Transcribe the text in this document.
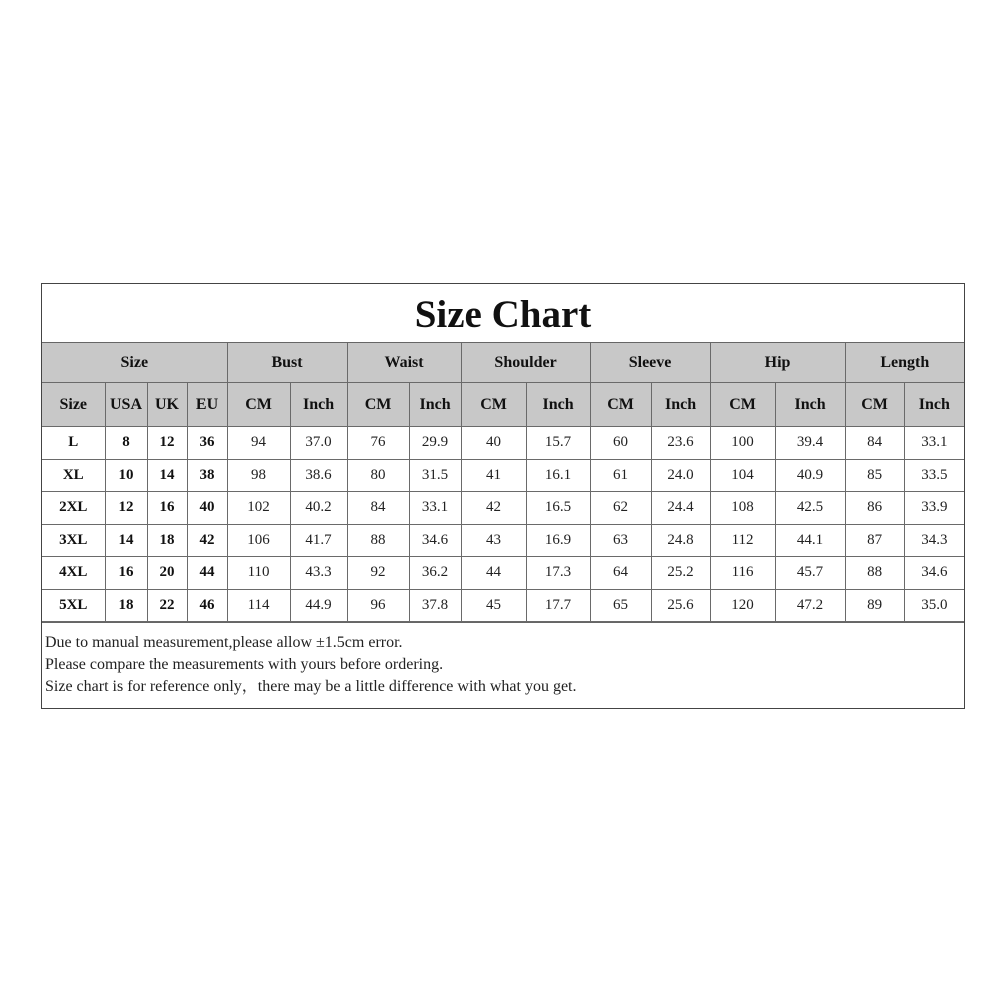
Size Chart
Size				Bust		Waist		Shoulder		Sleeve		Hip		Length	
Size	USA	UK	EU	CM	Inch	CM	Inch	CM	Inch	CM	Inch	CM	Inch	CM	Inch
L	8	12	36	94	37.0	76	29.9	40	15.7	60	23.6	100	39.4	84	33.1
XL	10	14	38	98	38.6	80	31.5	41	16.1	61	24.0	104	40.9	85	33.5
2XL	12	16	40	102	40.2	84	33.1	42	16.5	62	24.4	108	42.5	86	33.9
3XL	14	18	42	106	41.7	88	34.6	43	16.9	63	24.8	112	44.1	87	34.3
4XL	16	20	44	110	43.3	92	36.2	44	17.3	64	25.2	116	45.7	88	34.6
5XL	18	22	46	114	44.9	96	37.8	45	17.7	65	25.6	120	47.2	89	35.0
Due to manual measurement,please allow ±1.5cm error.
Please compare the measurements with yours before ordering.
Size chart is for reference only，there may be a little difference with what you get.
